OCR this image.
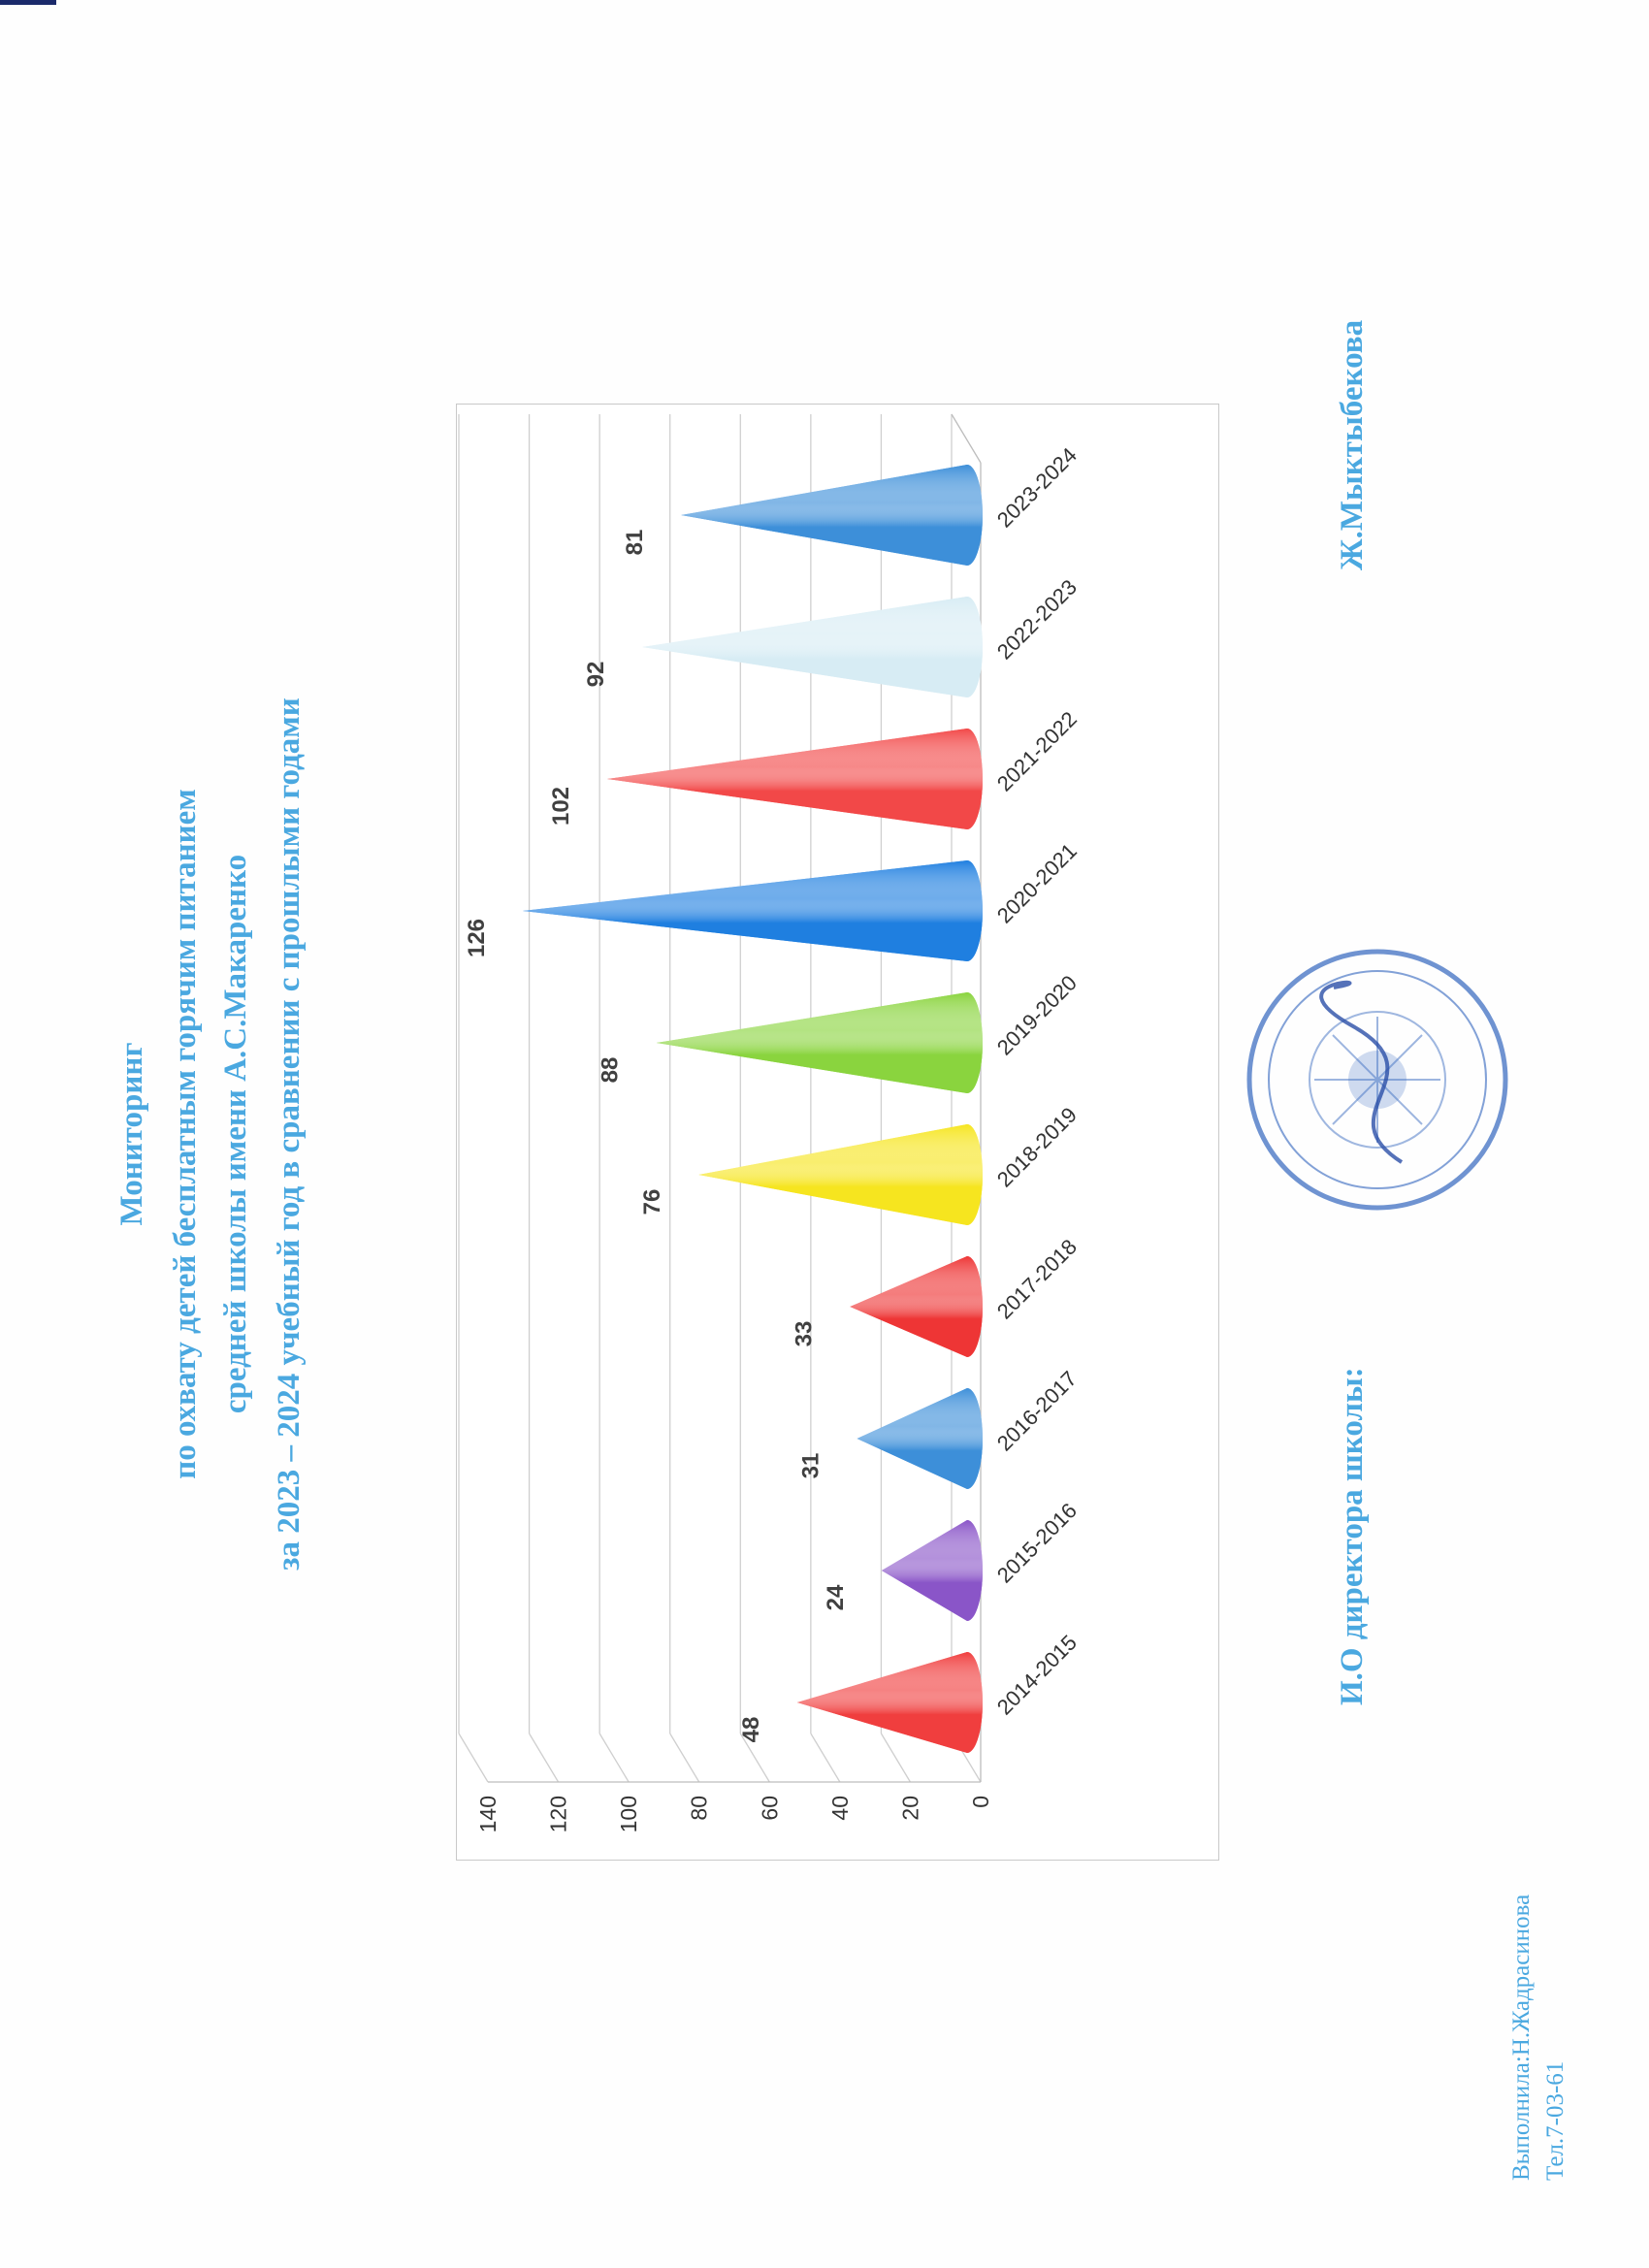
Мониторинг по охвату детей бесплатным горячим питанием средней школы имени А.С.Макаренко за 2023 – 2024 учебный год в сравнении с прошлыми годами
0
20
40
60
80
100
120
140
48
2014-2015
24
2015-2016
31
2016-2017
33
2017-2018
76
2018-2019
88
2019-2020
126
2020-2021
102
2021-2022
92
2022-2023
81
2023-2024
И.О директора школы:
Ж.Мыктыбекова
Выполнила:Н.Жадрасинова Тел.7-03-61
